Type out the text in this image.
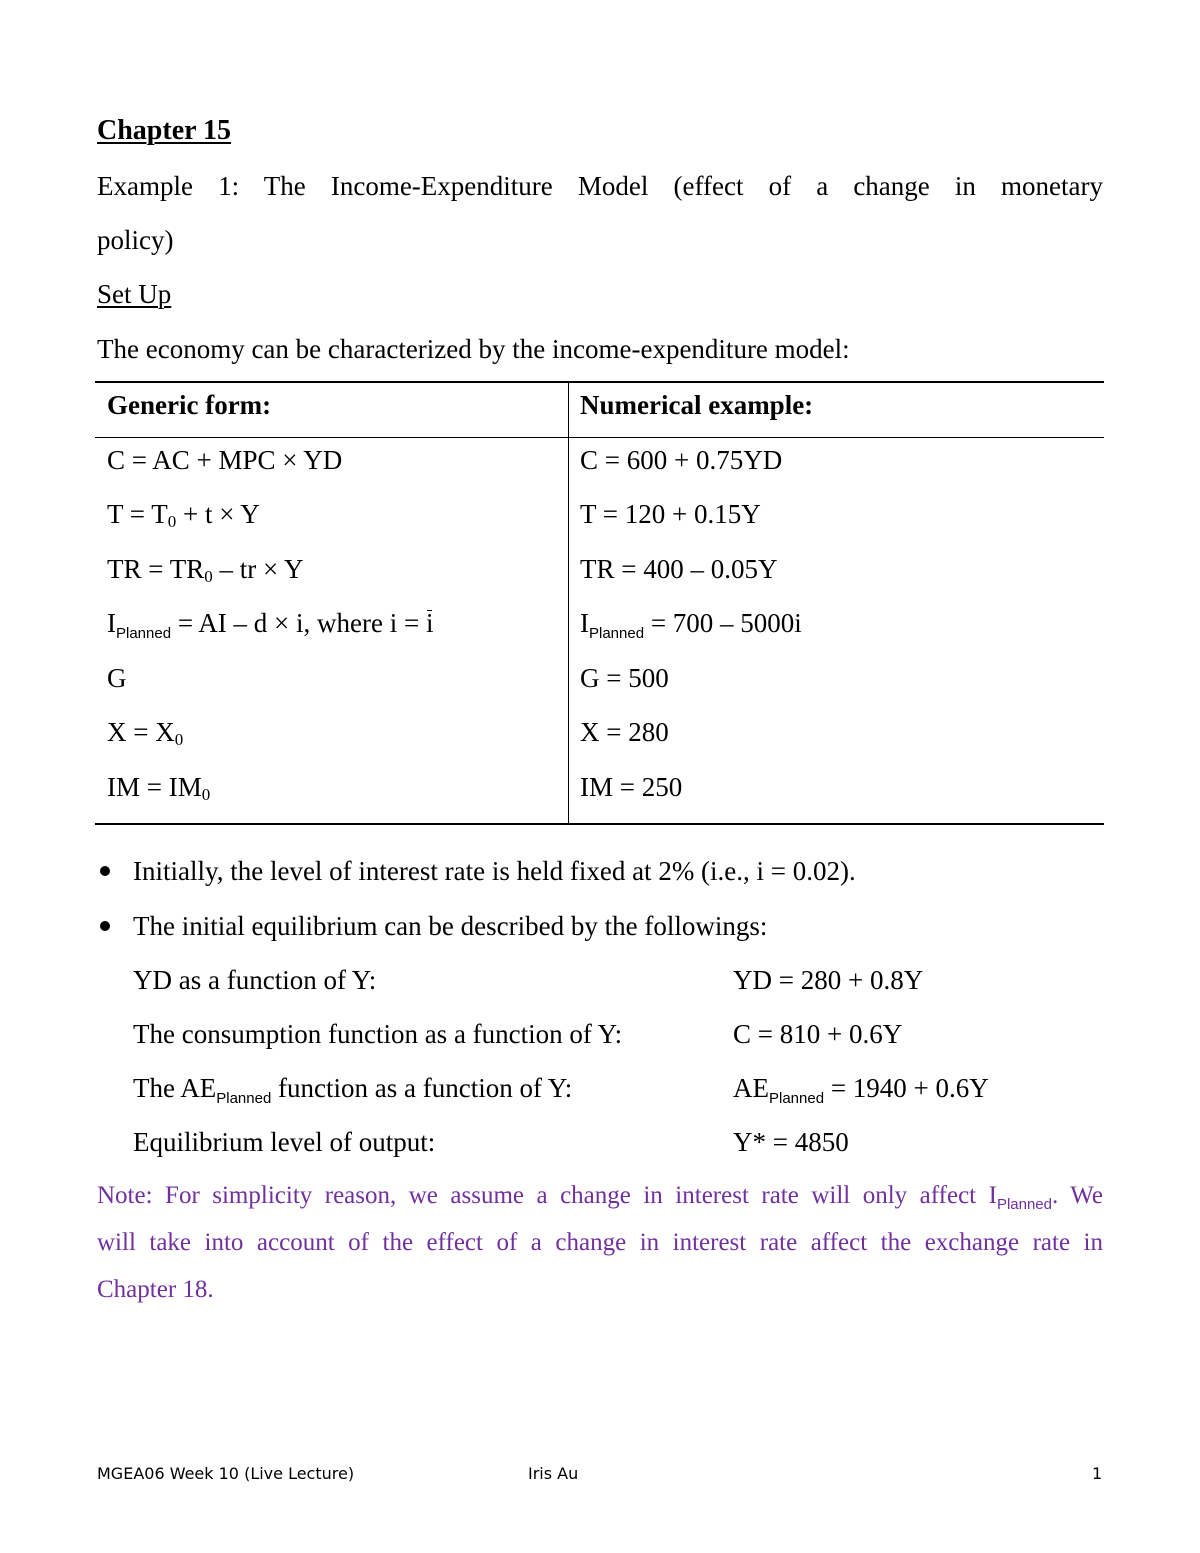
Chapter 15
Example 1: The Income-Expenditure Model (effect of a change in monetary
policy)
Set Up
The economy can be characterized by the income-expenditure model:
Generic form:	Numerical example:
C = AC + MPC × YD	C = 600 + 0.75YD
$T = T_0 + t \times Y$	T = 120 + 0.15Y
TR = $TR_0$ – tr × Y	TR = 400 – 0.05Y
$I_{Planned}$ = AI – d × i, where i = i	$I_{Planned} = 700 - 5000i$
G	G = 500
$X = X_0$	X = 280
IM = $IM_0$	IM = 250
Initially, the level of interest rate is held fixed at 2% (i.e., i = 0.02).
The initial equilibrium can be described by the followings:
YD as a function of Y:	YD = 280 + 0.8Y
The consumption function as a function of Y:	C = 810 + 0.6Y
The $AE_{Planned}$ function as a function of Y:	$AE_{Planned} = 1940 + 0.6Y$
Equilibrium level of output:	Y* = 4850
Note: For simplicity reason, we assume a change in interest rate will only affect $I_{Planned}$. We
will take into account of the effect of a change in interest rate affect the exchange rate in
Chapter 18.
MGEA06 Week 10 (Live Lecture)	Iris Au	1
